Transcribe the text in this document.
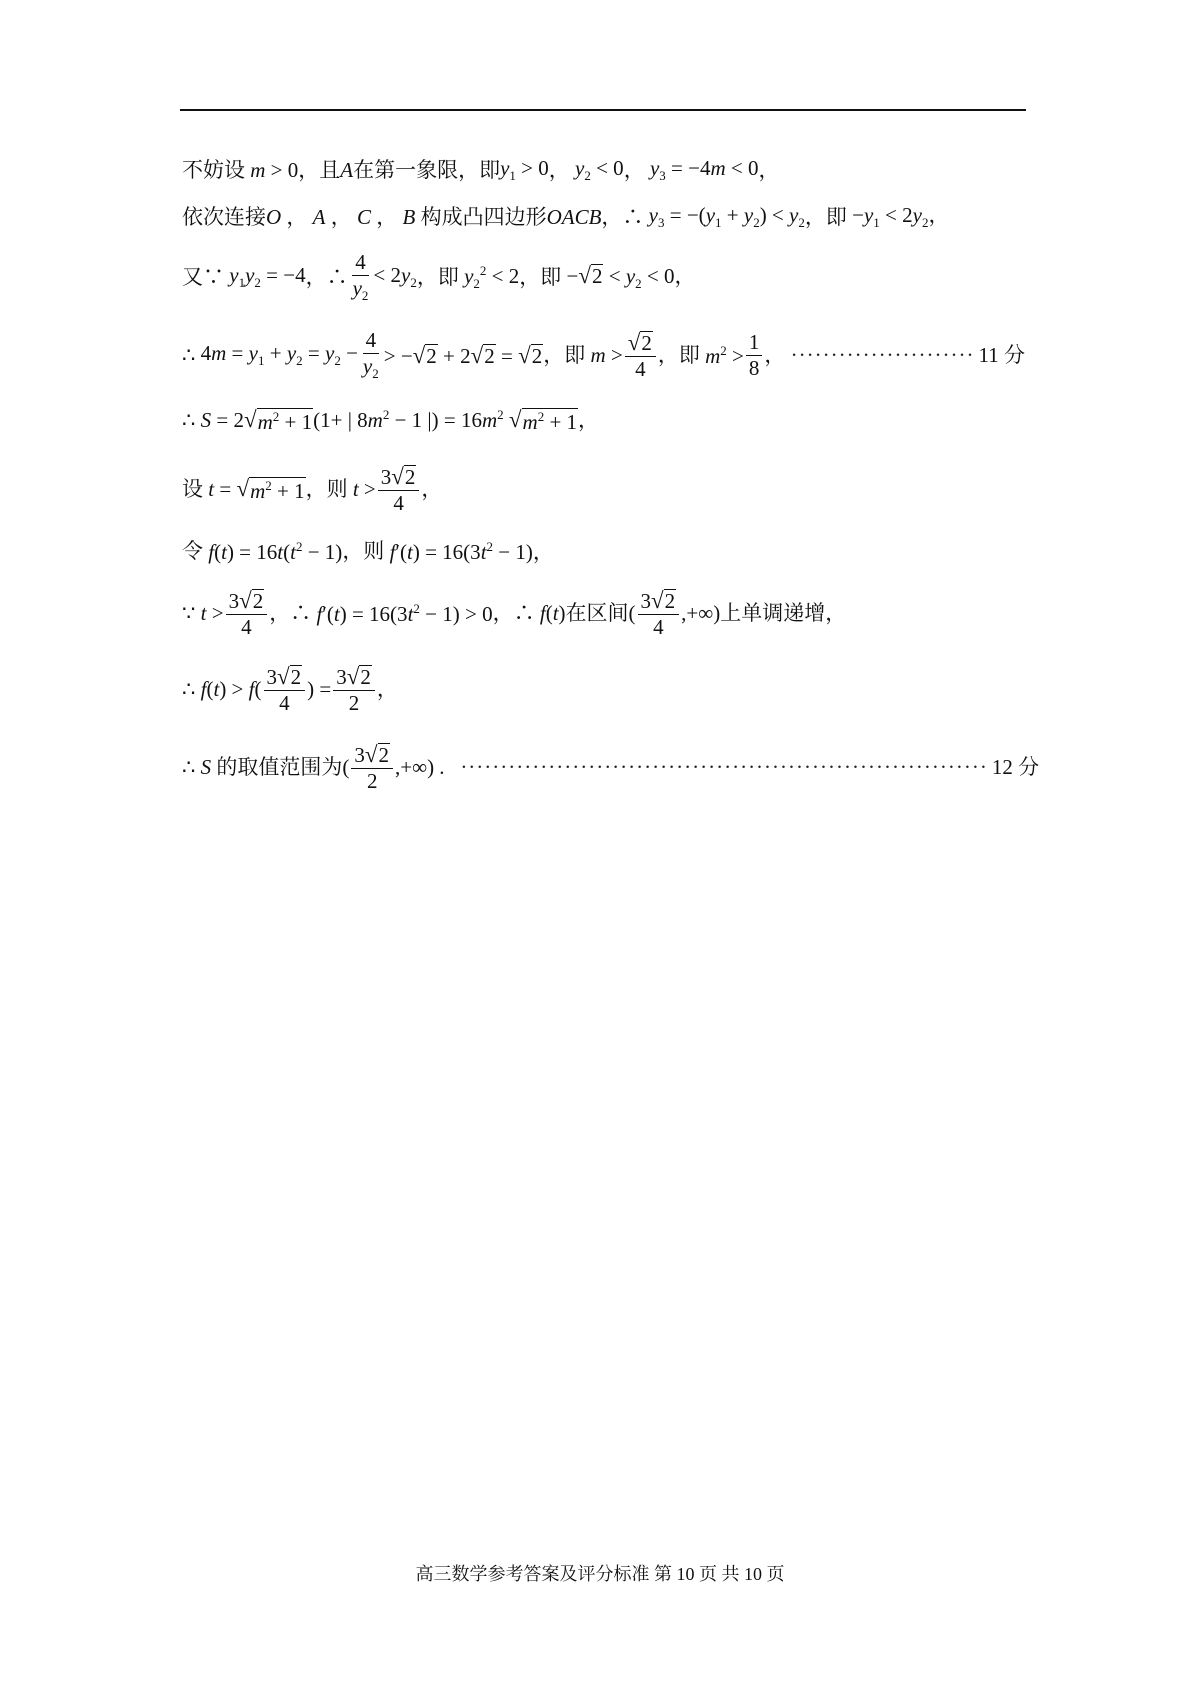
不妨设 m > 0 ，且 A 在第一象限，即 $y_1 > 0$ ， $y_2 < 0$ ， $y_3 = -4m < 0$ ，
依次连接 O ， A ， C ， B 构成凸四边形 OACB ，∴ $y_3 = -(y_1 + y_2) < y_2$ ，即 $-y_1 < 2y_2$，
又∵ $y_1y_2 = -4$ ，∴ $\frac{4}{y_2} < 2y_2$ ，即 $y_2^2 < 2$ ，即 − √ $2 < y_2 < 0$，
∴ $4m = y_1 + y_2 = y_2 - \frac{4}{y_2}$ > − √ 2 + 2 √ 2 = √ 2 ，即 $m > \frac{√ 2}{4}$ ，即 $m^2 > \frac{1}{8}$ ， ······················· 11 分
∴ S = 2 √ $m^2 + 1$ (1+ | $8m^2 - 1$ |) = $16m^2$ √ $m^2 + 1$ ，
设 t = √ $m^2 + 1$ ，则 $t > \frac{3 √ 2}{4}$ ，
令 $f(t) = 16t(t^2 - 1)$ ，则 $f'(t) = 16(3t^2 - 1)$，
∵ $t > \frac{3 √ 2}{4}$ ，∴ $f'(t) = 16(3t^2 - 1) > 0$ ，∴ f(t) 在区间 ( $\frac{3 √ 2}{4}$ ,+∞) 上单调递增，
∴ $f(t) > f( \frac{3 √ 2}{4}$ ) = $\frac{3 √ 2}{2}$ ，
∴ S 的取值范围为 ( $\frac{3 √ 2}{2}$ ,+∞) . ·································································· 12 分
高三数学参考答案及评分标准 第 10 页 共 10 页
